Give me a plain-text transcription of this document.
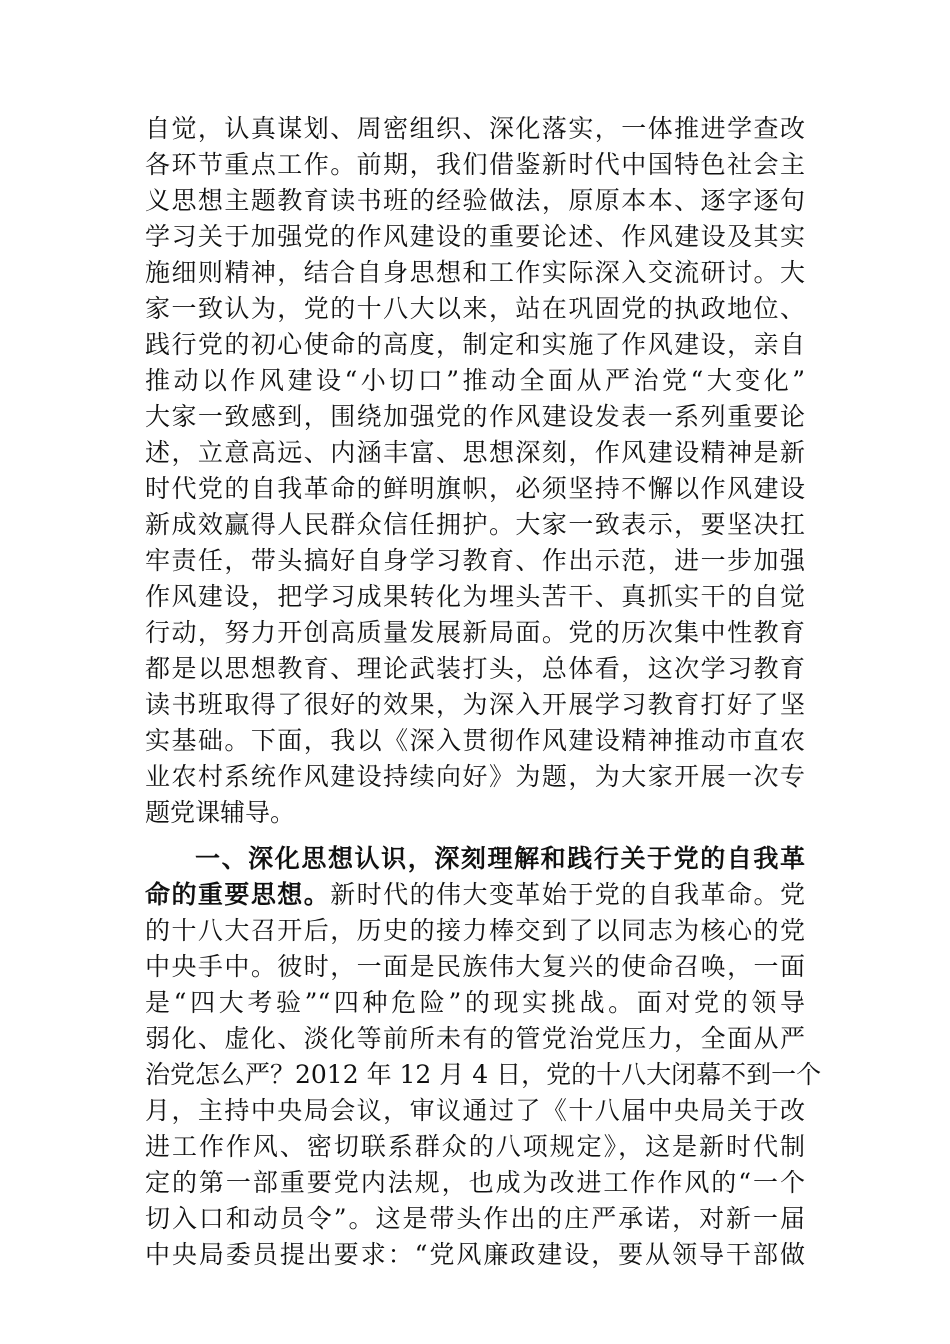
自觉，认真谋划、周密组织、深化落实，一体推进学查改
各环节重点工作。前期，我们借鉴新时代中国特色社会主
义思想主题教育读书班的经验做法，原原本本、逐字逐句
学习关于加强党的作风建设的重要论述、作风建设及其实
施细则精神，结合自身思想和工作实际深入交流研讨。大
家一致认为，党的十八大以来，站在巩固党的执政地位、
践行党的初心使命的高度，制定和实施了作风建设，亲自
推动以作风建设“小切口”推动全面从严治党“大变化”
大家一致感到，围绕加强党的作风建设发表一系列重要论
述，立意高远、内涵丰富、思想深刻，作风建设精神是新
时代党的自我革命的鲜明旗帜，必须坚持不懈以作风建设
新成效赢得人民群众信任拥护。大家一致表示，要坚决扛
牢责任，带头搞好自身学习教育、作出示范，进一步加强
作风建设，把学习成果转化为埋头苦干、真抓实干的自觉
行动，努力开创高质量发展新局面。党的历次集中性教育
都是以思想教育、理论武装打头，总体看，这次学习教育
读书班取得了很好的效果，为深入开展学习教育打好了坚
实基础。下面，我以《深入贯彻作风建设精神推动市直农
业农村系统作风建设持续向好》为题，为大家开展一次专
题党课辅导。
一、深化思想认识，深刻理解和践行关于党的自我革
命的重要思想。新时代的伟大变革始于党的自我革命。党
的十八大召开后，历史的接力棒交到了以同志为核心的党
中央手中。彼时，一面是民族伟大复兴的使命召唤，一面
是“四大考验”“四种危险”的现实挑战。面对党的领导
弱化、虚化、淡化等前所未有的管党治党压力，全面从严
治党怎么严？2012 年 12 月 4 日，党的十八大闭幕不到一个
月，主持中央局会议，审议通过了《十八届中央局关于改
进工作作风、密切联系群众的八项规定》，这是新时代制
定的第一部重要党内法规，也成为改进工作作风的“一个
切入口和动员令”。这是带头作出的庄严承诺，对新一届
中央局委员提出要求：“党风廉政建设，要从领导干部做
